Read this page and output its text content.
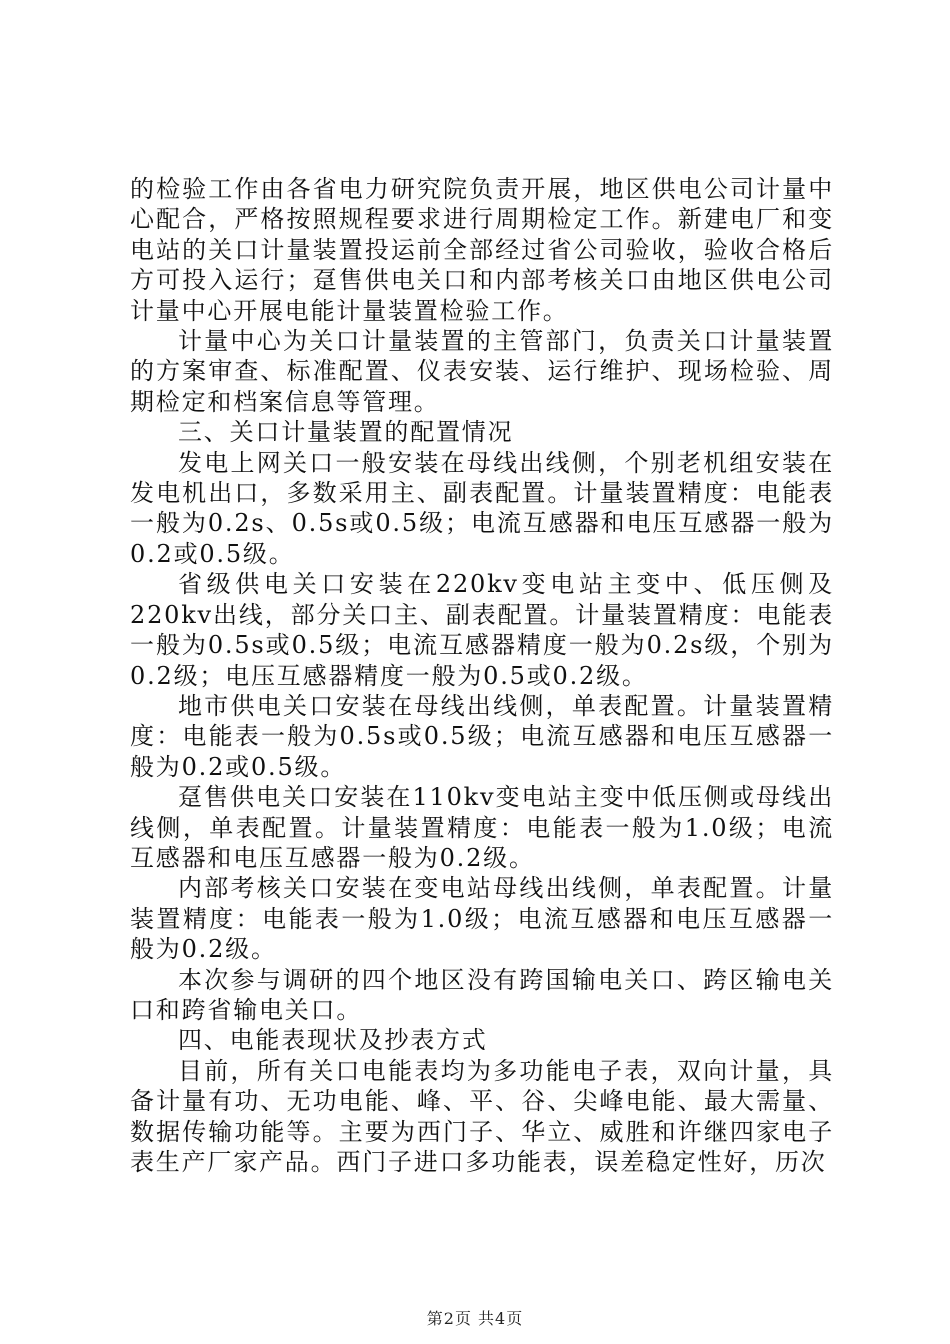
的检验工作由各省电力研究院负责开展，地区供电公司计量中心配合，严格按照规程要求进行周期检定工作。新建电厂和变电站的关口计量装置投运前全部经过省公司验收，验收合格后方可投入运行；趸售供电关口和内部考核关口由地区供电公司计量中心开展电能计量装置检验工作。

计量中心为关口计量装置的主管部门，负责关口计量装置的方案审查、标准配置、仪表安装、运行维护、现场检验、周期检定和档案信息等管理。

三、关口计量装置的配置情况

发电上网关口一般安装在母线出线侧，个别老机组安装在发电机出口，多数采用主、副表配置。计量装置精度：电能表一般为0.2s、0.5s或0.5级；电流互感器和电压互感器一般为0.2或0.5级。

省级供电关口安装在220kv变电站主变中、低压侧及220kv出线，部分关口主、副表配置。计量装置精度：电能表一般为0.5s或0.5级；电流互感器精度一般为0.2s级，个别为0.2级；电压互感器精度一般为0.5或0.2级。

地市供电关口安装在母线出线侧，单表配置。计量装置精度：电能表一般为0.5s或0.5级；电流互感器和电压互感器一般为0.2或0.5级。

趸售供电关口安装在110kv变电站主变中低压侧或母线出线侧，单表配置。计量装置精度：电能表一般为1.0级；电流互感器和电压互感器一般为0.2级。

内部考核关口安装在变电站母线出线侧，单表配置。计量装置精度：电能表一般为1.0级；电流互感器和电压互感器一般为0.2级。

本次参与调研的四个地区没有跨国输电关口、跨区输电关口和跨省输电关口。

四、电能表现状及抄表方式

目前，所有关口电能表均为多功能电子表，双向计量，具备计量有功、无功电能、峰、平、谷、尖峰电能、最大需量、数据传输功能等。主要为西门子、华立、威胜和许继四家电子表生产厂家产品。西门子进口多功能表，误差稳定性好，历次

第2页 共4页
